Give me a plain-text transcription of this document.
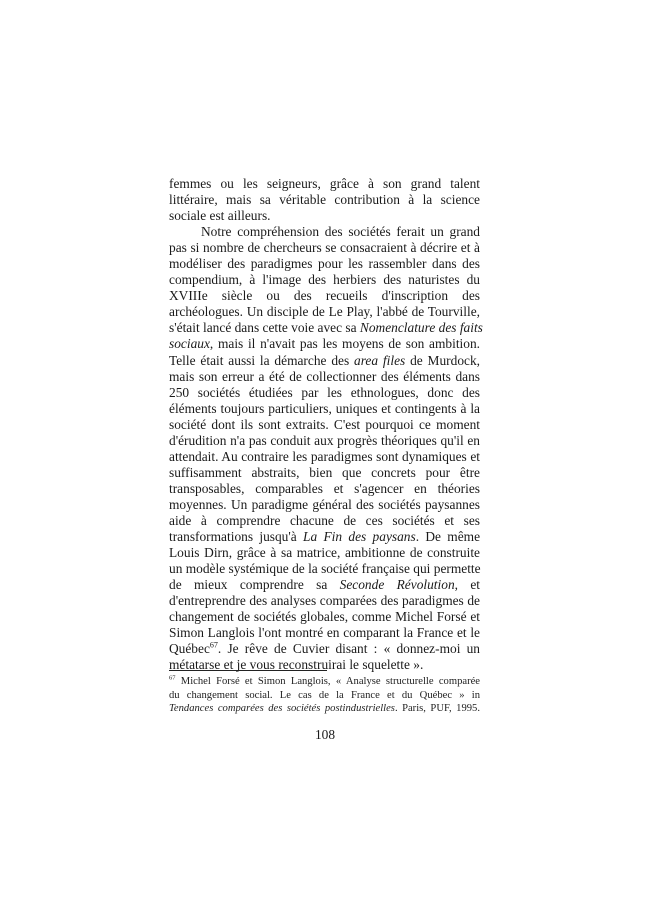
femmes ou les seigneurs, grâce à son grand talent
littéraire, mais sa véritable contribution à la science
sociale est ailleurs.
Notre compréhension des sociétés ferait un grand
pas si nombre de chercheurs se consacraient à décrire et à
modéliser des paradigmes pour les rassembler dans des
compendium, à l'image des herbiers des naturistes du
XVIIIe siècle ou des recueils d'inscription des
archéologues. Un disciple de Le Play, l'abbé de Tourville,
s'était lancé dans cette voie avec sa Nomenclature des faits
sociaux, mais il n'avait pas les moyens de son ambition.
Telle était aussi la démarche des area files de Murdock,
mais son erreur a été de collectionner des éléments dans
250 sociétés étudiées par les ethnologues, donc des
éléments toujours particuliers, uniques et contingents à la
société dont ils sont extraits. C'est pourquoi ce moment
d'érudition n'a pas conduit aux progrès théoriques qu'il en
attendait. Au contraire les paradigmes sont dynamiques et
suffisamment abstraits, bien que concrets pour être
transposables, comparables et s'agencer en théories
moyennes. Un paradigme général des sociétés paysannes
aide à comprendre chacune de ces sociétés et ses
transformations jusqu'à La Fin des paysans. De même
Louis Dirn, grâce à sa matrice, ambitionne de construite
un modèle systémique de la société française qui permette
de mieux comprendre sa Seconde Révolution, et
d'entreprendre des analyses comparées des paradigmes de
changement de sociétés globales, comme Michel Forsé et
Simon Langlois l'ont montré en comparant la France et le
Québec$^{67}$. Je rêve de Cuvier disant : « donnez-moi un
métatarse et je vous reconstruirai le squelette ».
$^{67}$ Michel Forsé et Simon Langlois, « Analyse structurelle comparée
du changement social. Le cas de la France et du Québec » in
Tendances comparées des sociétés postindustrielles. Paris, PUF, 1995.
108
